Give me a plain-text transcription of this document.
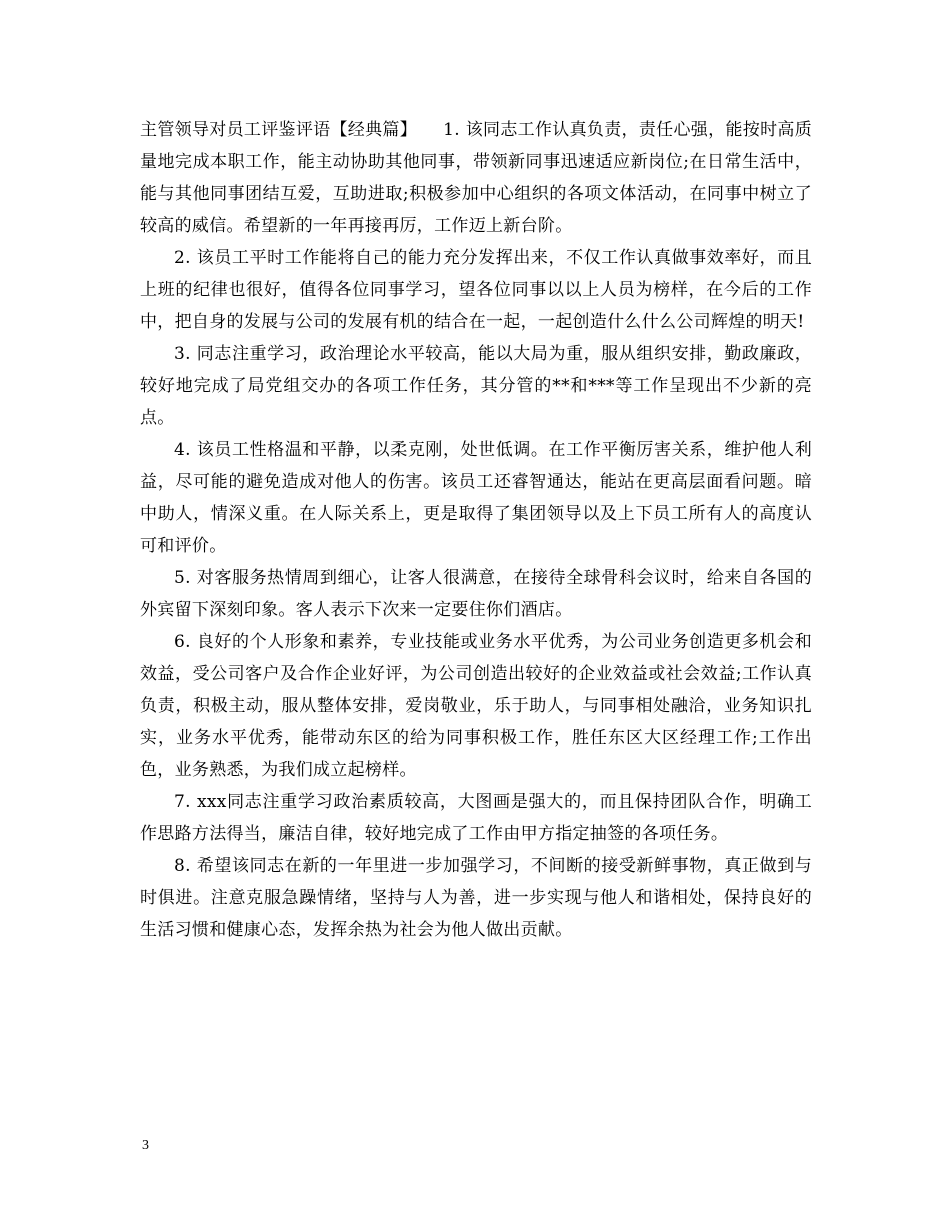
主管领导对员工评鉴评语【经典篇】　　1. 该同志工作认真负责，责任心强，能按时高质量地完成本职工作，能主动协助其他同事，带领新同事迅速适应新岗位;在日常生活中，能与其他同事团结互爱，互助进取;积极参加中心组织的各项文体活动，在同事中树立了较高的威信。希望新的一年再接再厉，工作迈上新台阶。

2. 该员工平时工作能将自己的能力充分发挥出来，不仅工作认真做事效率好，而且上班的纪律也很好，值得各位同事学习，望各位同事以以上人员为榜样，在今后的工作中，把自身的发展与公司的发展有机的结合在一起，一起创造什么什么公司辉煌的明天!

3. 同志注重学习，政治理论水平较高，能以大局为重，服从组织安排，勤政廉政，较好地完成了局党组交办的各项工作任务，其分管的**和***等工作呈现出不少新的亮点。

4. 该员工性格温和平静，以柔克刚，处世低调。在工作平衡厉害关系，维护他人利益，尽可能的避免造成对他人的伤害。该员工还睿智通达，能站在更高层面看问题。暗中助人，情深义重。在人际关系上，更是取得了集团领导以及上下员工所有人的高度认可和评价。

5. 对客服务热情周到细心，让客人很满意，在接待全球骨科会议时，给来自各国的外宾留下深刻印象。客人表示下次来一定要住你们酒店。

6. 良好的个人形象和素养，专业技能或业务水平优秀，为公司业务创造更多机会和效益，受公司客户及合作企业好评，为公司创造出较好的企业效益或社会效益;工作认真负责，积极主动，服从整体安排，爱岗敬业，乐于助人，与同事相处融洽，业务知识扎实，业务水平优秀，能带动东区的给为同事积极工作，胜任东区大区经理工作;工作出色，业务熟悉，为我们成立起榜样。

7. xxx同志注重学习政治素质较高，大图画是强大的，而且保持团队合作，明确工作思路方法得当，廉洁自律，较好地完成了工作由甲方指定抽签的各项任务。

8. 希望该同志在新的一年里进一步加强学习，不间断的接受新鲜事物，真正做到与时俱进。注意克服急躁情绪，坚持与人为善，进一步实现与他人和谐相处，保持良好的生活习惯和健康心态，发挥余热为社会为他人做出贡献。

3
